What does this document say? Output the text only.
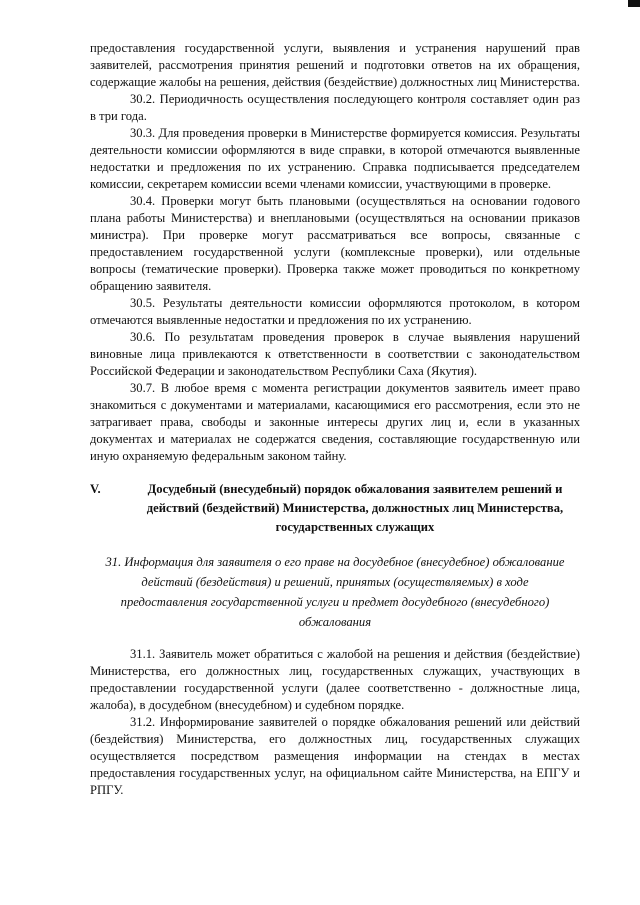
предоставления государственной услуги, выявления и устранения нарушений прав заявителей, рассмотрения принятия решений и подготовки ответов на их обращения, содержащие жалобы на решения, действия (бездействие) должностных лиц Министерства.

30.2. Периодичность осуществления последующего контроля составляет один раз в три года.

30.3. Для проведения проверки в Министерстве формируется комиссия. Результаты деятельности комиссии оформляются в виде справки, в которой отмечаются выявленные недостатки и предложения по их устранению. Справка подписывается председателем комиссии, секретарем комиссии всеми членами комиссии, участвующими в проверке.

30.4. Проверки могут быть плановыми (осуществляться на основании годового плана работы Министерства) и внеплановыми (осуществляться на основании приказов министра). При проверке могут рассматриваться все вопросы, связанные с предоставлением государственной услуги (комплексные проверки), или отдельные вопросы (тематические проверки). Проверка также может проводиться по конкретному обращению заявителя.

30.5. Результаты деятельности комиссии оформляются протоколом, в котором отмечаются выявленные недостатки и предложения по их устранению.

30.6. По результатам проведения проверок в случае выявления нарушений виновные лица привлекаются к ответственности в соответствии с законодательством Российской Федерации и законодательством Республики Саха (Якутия).

30.7. В любое время с момента регистрации документов заявитель имеет право знакомиться с документами и материалами, касающимися его рассмотрения, если это не затрагивает права, свободы и законные интересы других лиц и, если в указанных документах и материалах не содержатся сведения, составляющие государственную или иную охраняемую федеральным законом тайну.

V.	Досудебный (внесудебный) порядок обжалования заявителем решений и действий (бездействий) Министерства, должностных лиц Министерства, государственных служащих
31. Информация для заявителя о его праве на досудебное (внесудебное) обжалование действий (бездействия) и решений, принятых (осуществляемых) в ходе предоставления государственной услуги и предмет досудебного (внесудебного) обжалования

31.1. Заявитель может обратиться с жалобой на решения и действия (бездействие) Министерства, его должностных лиц, государственных служащих, участвующих в предоставлении государственной услуги (далее соответственно - должностные лица, жалоба), в досудебном (внесудебном) и судебном порядке.

31.2. Информирование заявителей о порядке обжалования решений или действий (бездействия) Министерства, его должностных лиц, государственных служащих осуществляется посредством размещения информации на стендах в местах предоставления государственных услуг, на официальном сайте Министерства, на ЕПГУ и РПГУ.
